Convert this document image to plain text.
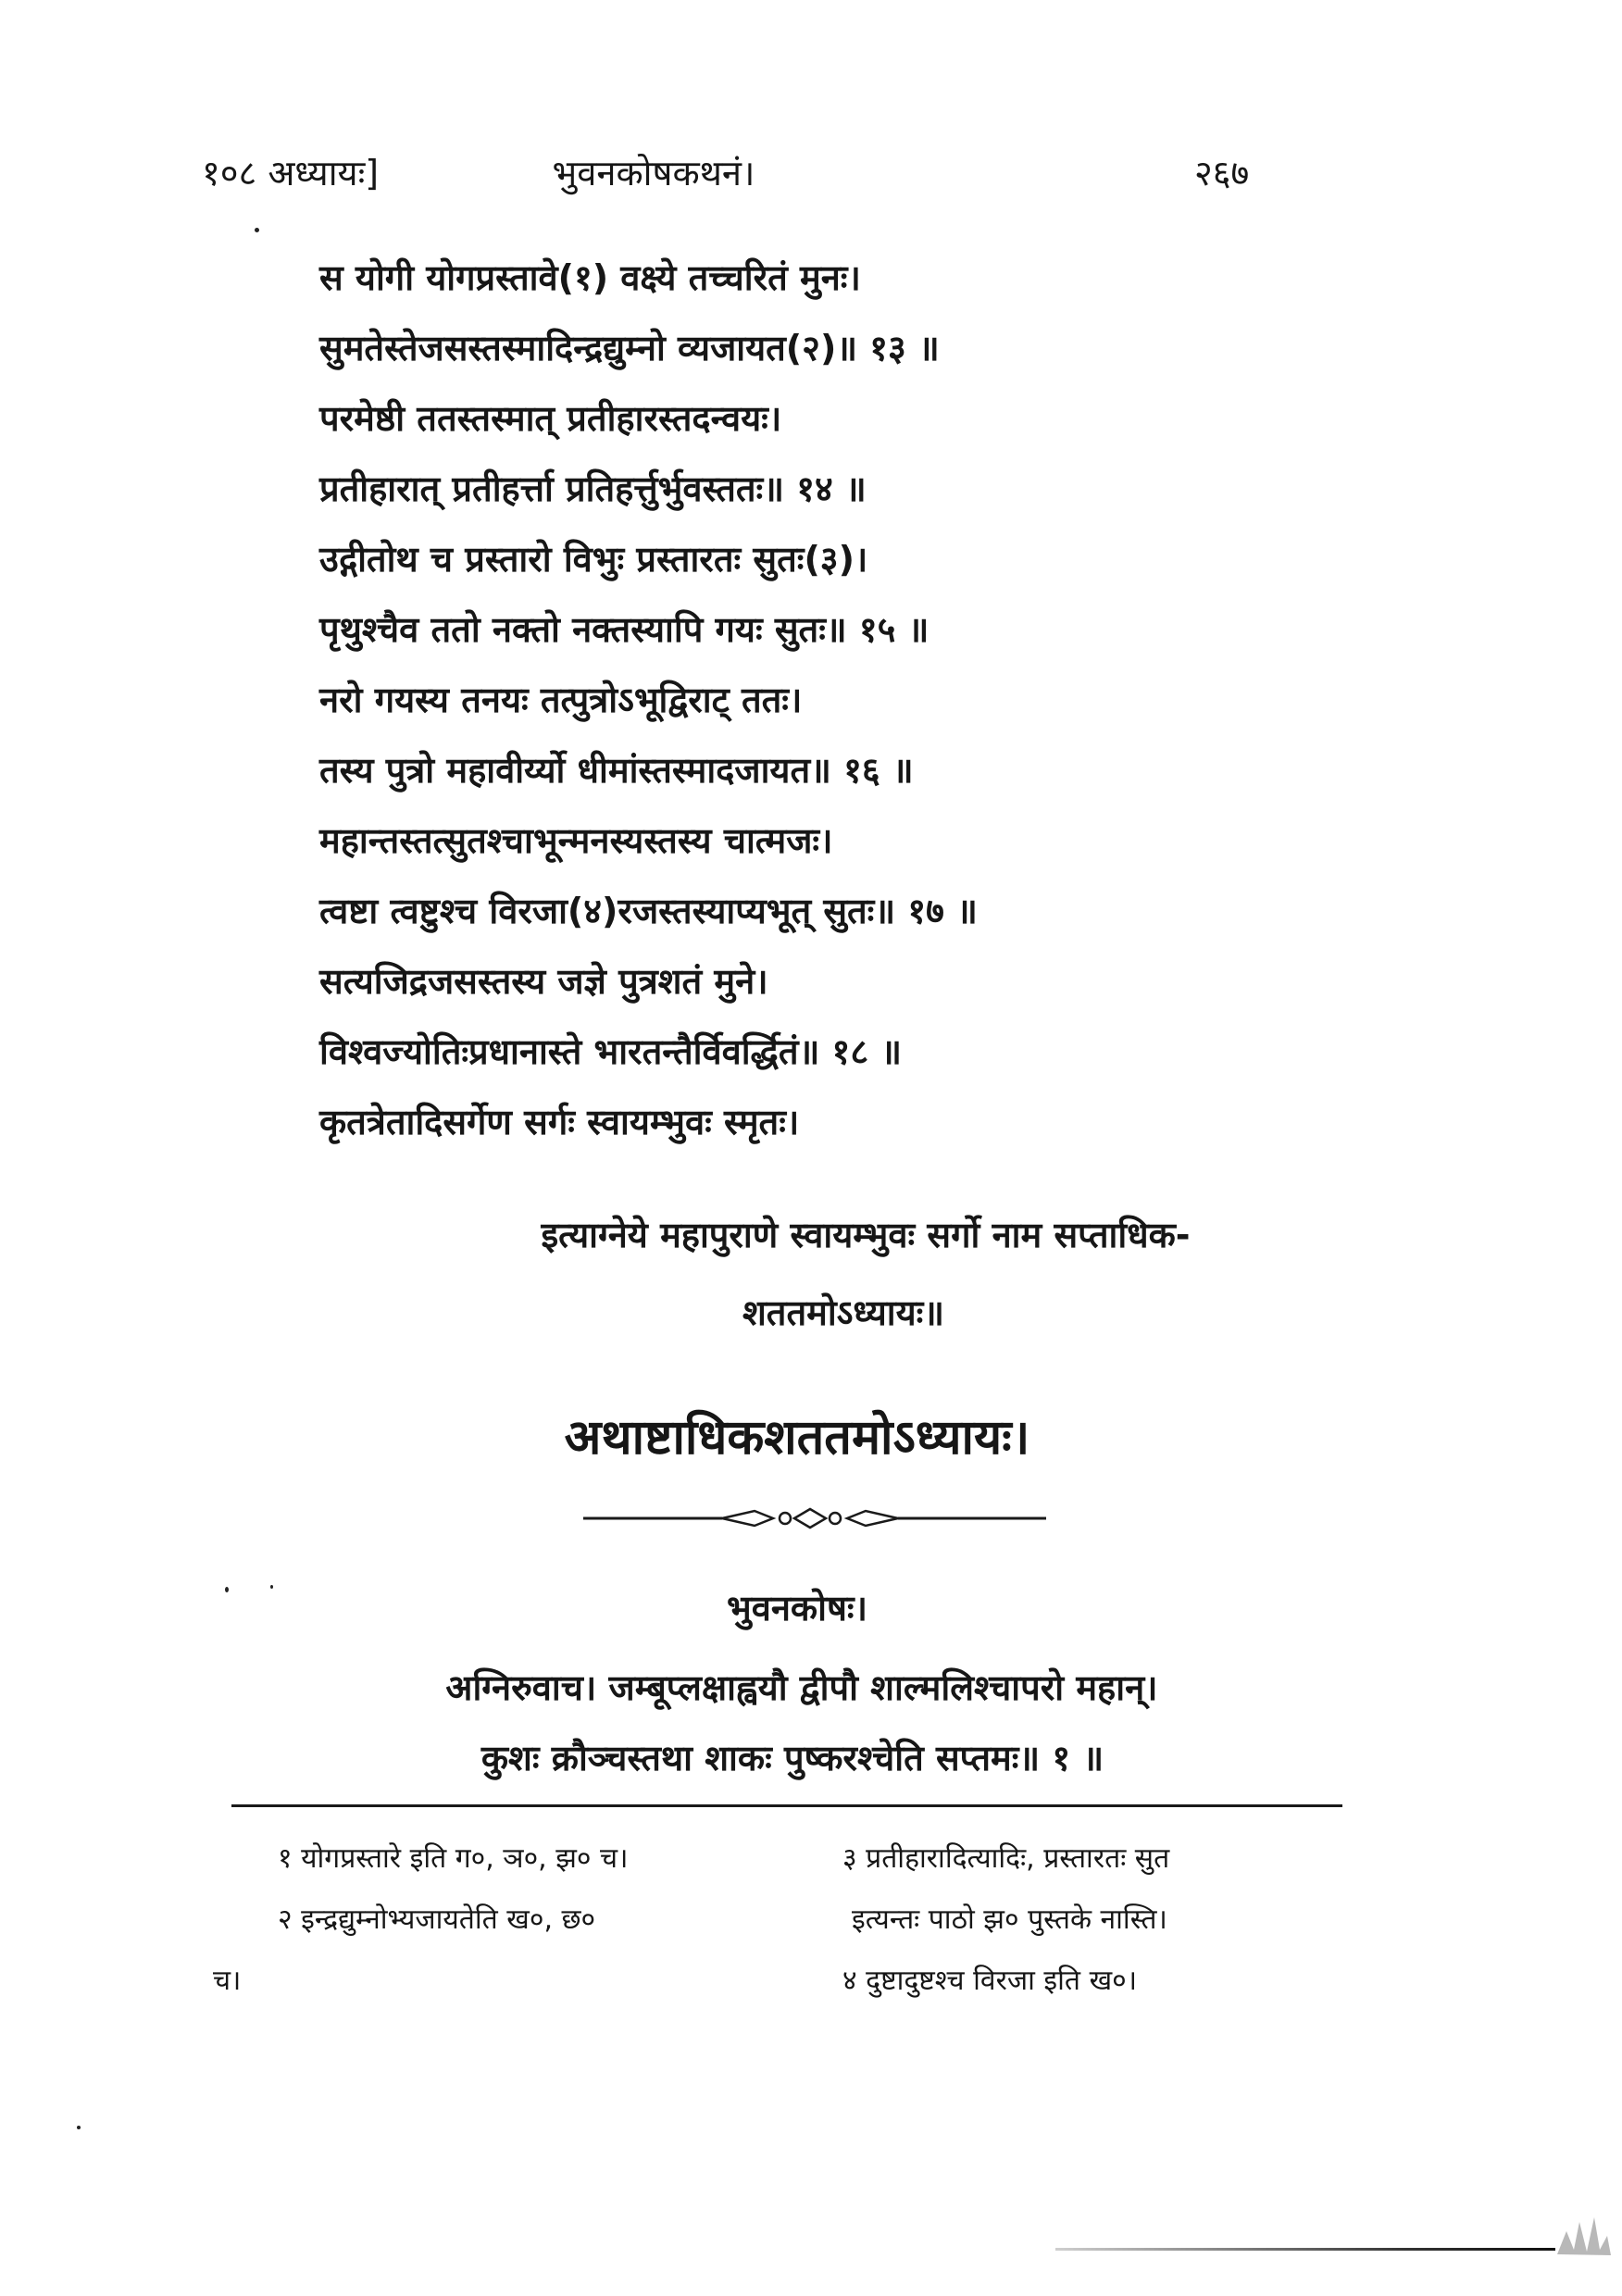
१०८ अध्यायः]	भुवनकोषकथनं।	२६७
स योगी योगप्रस्तावे(१) वक्ष्ये तच्चरितं मुनः।
सुमतेस्तेजसस्तस्मादिन्द्रद्युम्नो व्यजायत(२)॥ १३ ॥
परमेष्ठी ततस्तस्मात् प्रतीहारस्तदन्वयः।
प्रतीहारात् प्रतीहर्त्ता प्रतिहर्त्तुर्भुवस्ततः॥ १४ ॥
उद्गीतोथ च प्रस्तारो विभुः प्रस्तारतः सुतः(३)।
पृथुश्चैव ततो नक्तो नक्तस्यापि गयः सुतः॥ १५ ॥
नरो गयस्य तनयः तत्पुत्रोऽभूद्विराट् ततः।
तस्य पुत्रो महावीर्य्यो धीमांस्तस्मादजायत॥ १६ ॥
महान्तस्तत्सुतश्चाभून्मनस्यस्तस्य चात्मजः।
त्वष्टा त्वष्टुश्च विरजा(४)रजस्तस्याप्यभूत् सुतः॥ १७ ॥
सत्यजिद्रजसस्तस्य जज्ञे पुत्रशतं मुने।
विश्वज्योतिःप्रधानास्ते भारतन्तैर्विवर्द्धितं॥ १८ ॥
कृतत्रेतादिसर्गेण सर्गः स्वायम्भुवः स्मृतः।
इत्याग्नेये महापुराणे स्वायम्भुवः सर्गो नाम सप्ताधिक-
शततमोऽध्यायः॥
अथाष्टाधिकशततमोऽध्यायः।
भुवनकोषः।
अग्निरुवाच। जम्बूप्लक्षाह्वयौ द्वीपौ शाल्मलिश्चापरो महान्।
कुशः क्रौञ्चस्तथा शाकः पुष्करश्चेति सप्तमः॥ १ ॥
१ योगप्रस्तारे इति ग०, ञ०, झ० च।	३ प्रतीहारादित्यादिः, प्रस्तारतः सुत
२ इन्द्रद्युम्नोभ्यजायतेति ख०, छ०	इत्यन्तः पाठो झ० पुस्तके नास्ति।
च।	४ दुष्टादुष्टश्च विरजा इति ख०।
